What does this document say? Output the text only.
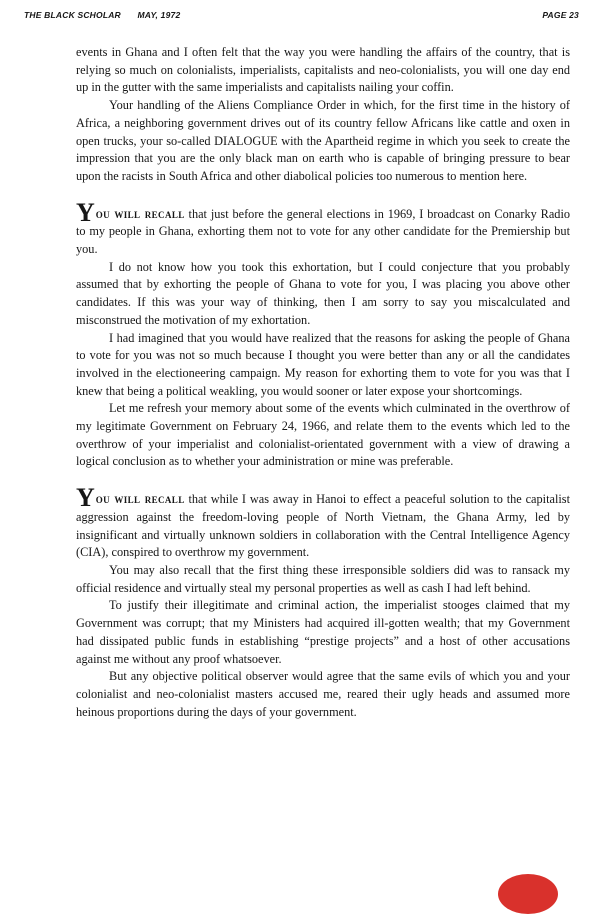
THE BLACK SCHOLAR MAY, 1972	PAGE 23

events in Ghana and I often felt that the way you were handling the affairs of the country, that is relying so much on colonialists, imperialists, capitalists and neo-colonialists, you will one day end up in the gutter with the same imperialists and capitalists nailing your coffin.

Your handling of the Aliens Compliance Order in which, for the first time in the history of Africa, a neighboring government drives out of its country fellow Africans like cattle and oxen in open trucks, your so-called DIALOGUE with the Apartheid regime in which you seek to create the impression that you are the only black man on earth who is capable of bringing pressure to bear upon the racists in South Africa and other diabolical policies too numerous to mention here.

You will recall that just before the general elections in 1969, I broadcast on Conarky Radio to my people in Ghana, exhorting them not to vote for any other candidate for the Premiership but you.

I do not know how you took this exhortation, but I could conjecture that you probably assumed that by exhorting the people of Ghana to vote for you, I was placing you above other candidates. If this was your way of thinking, then I am sorry to say you miscalculated and misconstrued the motivation of my exhortation.

I had imagined that you would have realized that the reasons for asking the people of Ghana to vote for you was not so much because I thought you were better than any or all the candidates involved in the electioneering campaign. My reason for exhorting them to vote for you was that I knew that being a political weakling, you would sooner or later expose your shortcomings.

Let me refresh your memory about some of the events which culminated in the overthrow of my legitimate Government on February 24, 1966, and relate them to the events which led to the overthrow of your imperialist and colonialist-orientated government with a view of drawing a logical conclusion as to whether your administration or mine was preferable.

You will recall that while I was away in Hanoi to effect a peaceful solution to the capitalist aggression against the freedom-loving people of North Vietnam, the Ghana Army, led by insignificant and virtually unknown soldiers in collaboration with the Central Intelligence Agency (CIA), conspired to overthrow my government.

You may also recall that the first thing these irresponsible soldiers did was to ransack my official residence and virtually steal my personal properties as well as cash I had left behind.

To justify their illegitimate and criminal action, the imperialist stooges claimed that my Government was corrupt; that my Ministers had acquired ill-gotten wealth; that my Government had dissipated public funds in establishing “prestige projects” and a host of other accusations against me without any proof whatsoever.

But any objective political observer would agree that the same evils of which you and your colonialist and neo-colonialist masters accused me, reared their ugly heads and assumed more heinous proportions during the days of your government.
